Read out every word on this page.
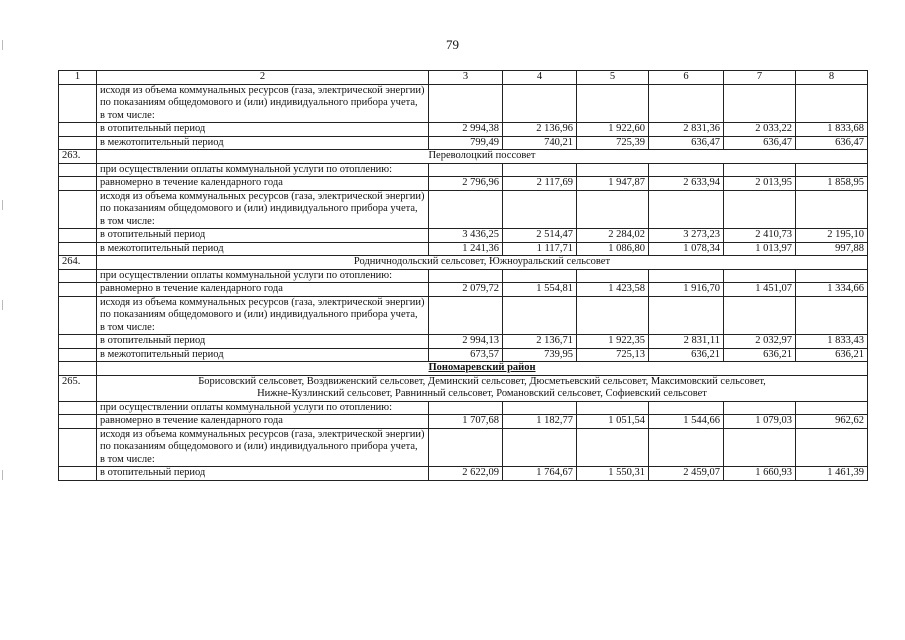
79
1	2	3	4	5	6	7	8
	исходя из объема коммунальных ресурсов (газа, электрической энергии) по показаниям общедомового и (или) индивидуального прибора учета, в том числе:						
	в отопительный период	2 994,38	2 136,96	1 922,60	2 831,36	2 033,22	1 833,68
	в межотопительный период	799,49	740,21	725,39	636,47	636,47	636,47
263.	Переволоцкий поссовет						
	при осуществлении оплаты коммунальной услуги по отоплению:						
	равномерно в течение календарного года	2 796,96	2 117,69	1 947,87	2 633,94	2 013,95	1 858,95
	исходя из объема коммунальных ресурсов (газа, электрической энергии) по показаниям общедомового и (или) индивидуального прибора учета, в том числе:						
	в отопительный период	3 436,25	2 514,47	2 284,02	3 273,23	2 410,73	2 195,10
	в межотопительный период	1 241,36	1 117,71	1 086,80	1 078,34	1 013,97	997,88
264.	Родничнодольский сельсовет, Южноуральский сельсовет						
	при осуществлении оплаты коммунальной услуги по отоплению:						
	равномерно в течение календарного года	2 079,72	1 554,81	1 423,58	1 916,70	1 451,07	1 334,66
	исходя из объема коммунальных ресурсов (газа, электрической энергии) по показаниям общедомового и (или) индивидуального прибора учета, в том числе:						
	в отопительный период	2 994,13	2 136,71	1 922,35	2 831,11	2 032,97	1 833,43
	в межотопительный период	673,57	739,95	725,13	636,21	636,21	636,21
	Пономаревский район						
265.	Борисовский сельсовет, Воздвиженский сельсовет, Деминский сельсовет, Дюсметьевский сельсовет, Максимовский сельсовет,
Нижне-Кузлинский сельсовет, Равнинный сельсовет, Романовский сельсовет, Софиевский сельсовет						

	при осуществлении оплаты коммунальной услуги по отоплению:						
	равномерно в течение календарного года	1 707,68	1 182,77	1 051,54	1 544,66	1 079,03	962,62
	исходя из объема коммунальных ресурсов (газа, электрической энергии) по показаниям общедомового и (или) индивидуального прибора учета, в том числе:						
	в отопительный период	2 622,09	1 764,67	1 550,31	2 459,07	1 660,93	1 461,39
